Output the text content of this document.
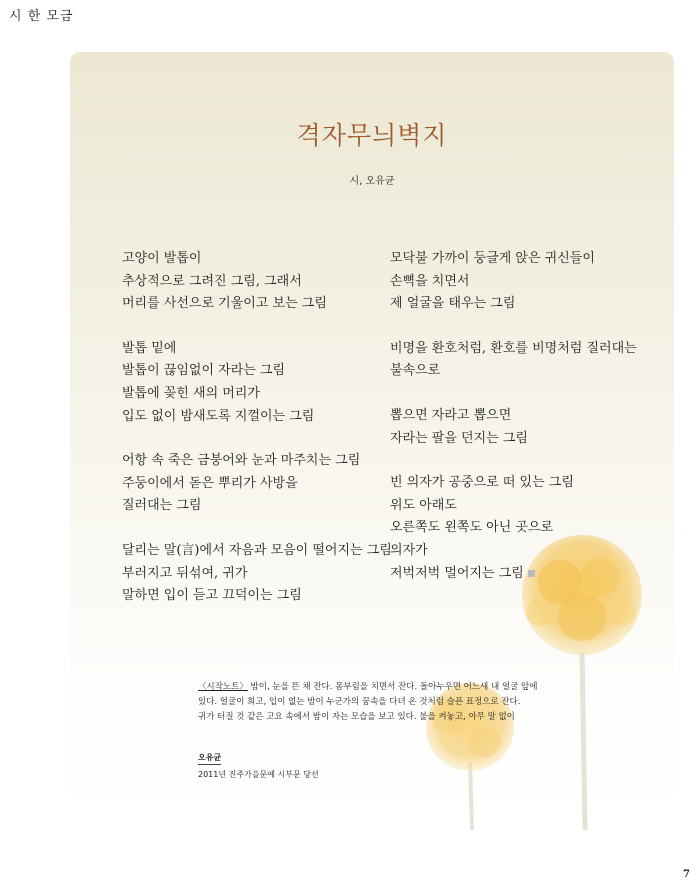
시 한 모금
격자무늬벽지
시, 오유균
고양이 발톱이
추상적으로 그려진 그림, 그래서
머리를 사선으로 기울이고 보는 그림
발톱 밑에
발톱이 끊임없이 자라는 그림
발톱에 꽂힌 새의 머리가
입도 없이 밤새도록 지껄이는 그림
어항 속 죽은 금붕어와 눈과 마주치는 그림
주둥이에서 돋은 뿌리가 사방을
질러대는 그림
달리는 말(言)에서 자음과 모음이 떨어지는 그림
부러지고 뒤섞여, 귀가
말하면 입이 듣고 끄덕이는 그림
모닥불 가까이 둥글게 앉은 귀신들이
손뼉을 치면서
제 얼굴을 태우는 그림
비명을 환호처럼, 환호를 비명처럼 질러대는
불속으로
뽑으면 자라고 뽑으면
자라는 팔을 던지는 그림
빈 의자가 공중으로 떠 있는 그림
위도 아래도
오른쪽도 왼쪽도 아닌 곳으로
의자가
저벅저벅 멀어지는 그림
〈시작노트〉 밤이, 눈을 뜬 채 잔다. 몸부림을 치면서 잔다. 돌아누우면 어느새 내 얼굴 앞에
있다. 얼굴이 희고, 입이 없는 밤이 누군가의 꿈속을 다녀 온 것처럼 슬픈 표정으로 잔다.
귀가 터질 것 같은 고요 속에서 밤이 자는 모습을 보고 있다. 불을 켜놓고, 아무 말 없이
오유균
2011년 진주가을문예 시부문 당선
7
